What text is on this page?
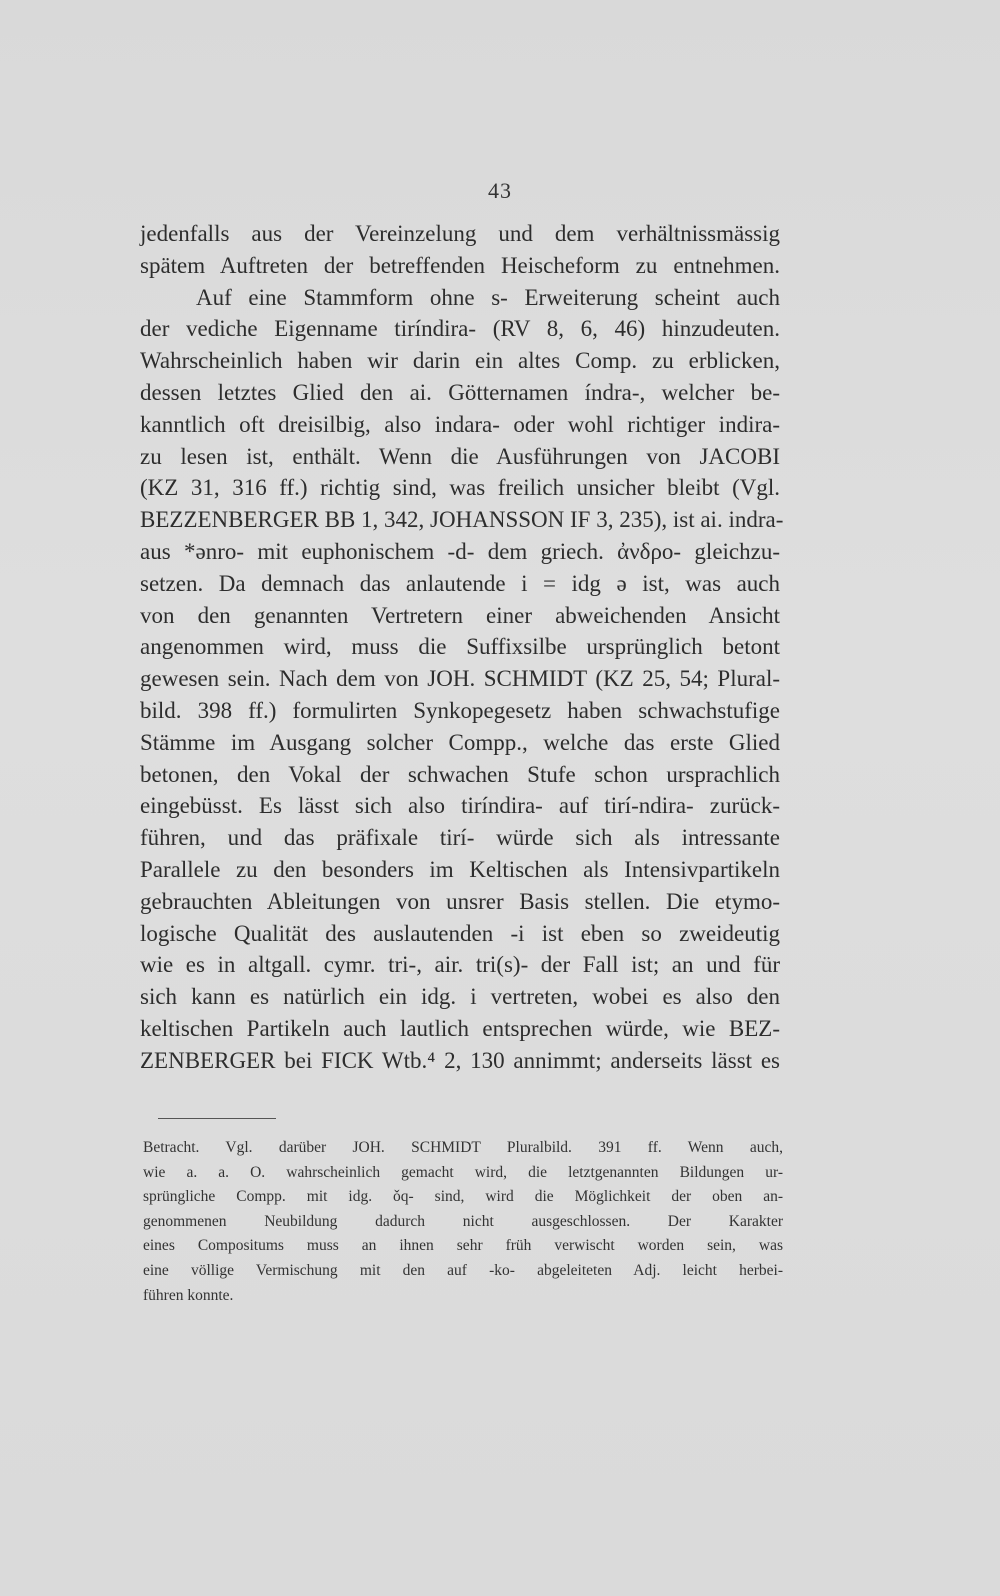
43
jedenfalls aus der Vereinzelung und dem verhältnissmässig
spätem Auftreten der betreffenden Heischeform zu entnehmen.
Auf eine Stammform ohne s- Erweiterung scheint auch
der vediche Eigenname tiríndira- (RV 8, 6, 46) hinzudeuten.
Wahrscheinlich haben wir darin ein altes Comp. zu erblicken,
dessen letztes Glied den ai. Götternamen índra-, welcher be-
kanntlich oft dreisilbig, also indara- oder wohl richtiger indira-
zu lesen ist, enthält. Wenn die Ausführungen von JACOBI
(KZ 31, 316 ff.) richtig sind, was freilich unsicher bleibt (Vgl.
BEZZENBERGER BB 1, 342, JOHANSSON IF 3, 235), ist ai. indra-
aus *ənro- mit euphonischem -d- dem griech. ἀνδρο- gleichzu-
setzen. Da demnach das anlautende i = idg ə ist, was auch
von den genannten Vertretern einer abweichenden Ansicht
angenommen wird, muss die Suffixsilbe ursprünglich betont
gewesen sein. Nach dem von JOH. SCHMIDT (KZ 25, 54; Plural-
bild. 398 ff.) formulirten Synkopegesetz haben schwachstufige
Stämme im Ausgang solcher Compp., welche das erste Glied
betonen, den Vokal der schwachen Stufe schon ursprachlich
eingebüsst. Es lässt sich also tiríndira- auf tirí-ndira- zurück-
führen, und das präfixale tirí- würde sich als intressante
Parallele zu den besonders im Keltischen als Intensivpartikeln
gebrauchten Ableitungen von unsrer Basis stellen. Die etymo-
logische Qualität des auslautenden -i ist eben so zweideutig
wie es in altgall. cymr. tri-, air. tri(s)- der Fall ist; an und für
sich kann es natürlich ein idg. i vertreten, wobei es also den
keltischen Partikeln auch lautlich entsprechen würde, wie BEZ-
ZENBERGER bei FICK Wtb.⁴ 2, 130 annimmt; anderseits lässt es
Betracht. Vgl. darüber JOH. SCHMIDT Pluralbild. 391 ff. Wenn auch,
wie a. a. O. wahrscheinlich gemacht wird, die letztgenannten Bildungen ur-
sprüngliche Compp. mit idg. ǒq- sind, wird die Möglichkeit der oben an-
genommenen Neubildung dadurch nicht ausgeschlossen. Der Karakter
eines Compositums muss an ihnen sehr früh verwischt worden sein, was
eine völlige Vermischung mit den auf -ko- abgeleiteten Adj. leicht herbei-
führen konnte.
